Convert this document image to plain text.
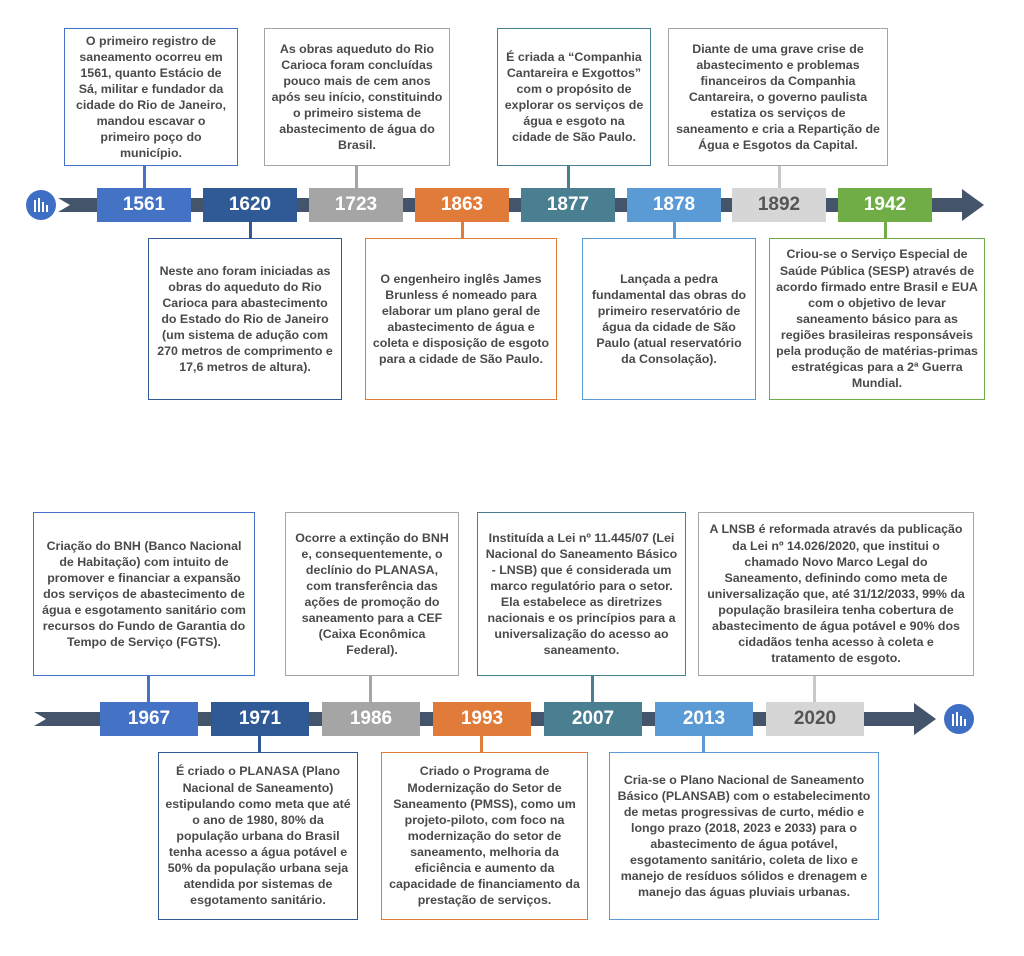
1561	1620	1723	1863	1877	1878	1892	1942
O primeiro registro de saneamento ocorreu em 1561, quanto Estácio de Sá, militar e fundador da cidade do Rio de Janeiro, mandou escavar o primeiro poço do município.
As obras aqueduto do Rio Carioca foram concluídas pouco mais de cem anos após seu início, constituindo o primeiro sistema de abastecimento de água do Brasil.
É criada a “Companhia Cantareira e Exgottos” com o propósito de explorar os serviços de água e esgoto na cidade de São Paulo.
Diante de uma grave crise de abastecimento e problemas financeiros da Companhia Cantareira, o governo paulista estatiza os serviços de saneamento e cria a Repartição de Água e Esgotos da Capital.
Neste ano foram iniciadas as obras do aqueduto do Rio Carioca para abastecimento do Estado do Rio de Janeiro (um sistema de adução com 270 metros de comprimento e 17,6 metros de altura).
O engenheiro inglês James Brunless é nomeado para elaborar um plano geral de abastecimento de água e coleta e disposição de esgoto para a cidade de São Paulo.
Lançada a pedra fundamental das obras do primeiro reservatório de água da cidade de São Paulo (atual reservatório da Consolação).
Criou-se o Serviço Especial de Saúde Pública (SESP) através de acordo firmado entre Brasil e EUA com o objetivo de levar saneamento básico para as regiões brasileiras responsáveis pela produção de matérias-primas estratégicas para a 2ª Guerra Mundial.
1967	1971	1986	1993	2007	2013	2020
Criação do BNH (Banco Nacional de Habitação) com intuito de promover e financiar a expansão dos serviços de abastecimento de água e esgotamento sanitário com recursos do Fundo de Garantia do Tempo de Serviço (FGTS).
Ocorre a extinção do BNH e, consequentemente, o declínio do PLANASA, com transferência das ações de promoção do saneamento para a CEF (Caixa Econômica Federal).
Instituída a Lei nº 11.445/07 (Lei Nacional do Saneamento Básico - LNSB) que é considerada um marco regulatório para o setor. Ela estabelece as diretrizes nacionais e os princípios para a universalização do acesso ao saneamento.
A LNSB é reformada através da publicação da Lei nº 14.026/2020, que institui o chamado Novo Marco Legal do Saneamento, definindo como meta de universalização que, até 31/12/2033, 99% da população brasileira tenha cobertura de abastecimento de água potável e 90% dos cidadãos tenha acesso à coleta e tratamento de esgoto.
É criado o PLANASA (Plano Nacional de Saneamento) estipulando como meta que até o ano de 1980, 80% da população urbana do Brasil tenha acesso a água potável e 50% da população urbana seja atendida por sistemas de esgotamento sanitário.
Criado o Programa de Modernização do Setor de Saneamento (PMSS), como um projeto-piloto, com foco na modernização do setor de saneamento, melhoria da eficiência e aumento da capacidade de financiamento da prestação de serviços.
Cria-se o Plano Nacional de Saneamento Básico (PLANSAB) com o estabelecimento de metas progressivas de curto, médio e longo prazo (2018, 2023 e 2033) para o abastecimento de água potável, esgotamento sanitário, coleta de lixo e manejo de resíduos sólidos e drenagem e manejo das águas pluviais urbanas.
